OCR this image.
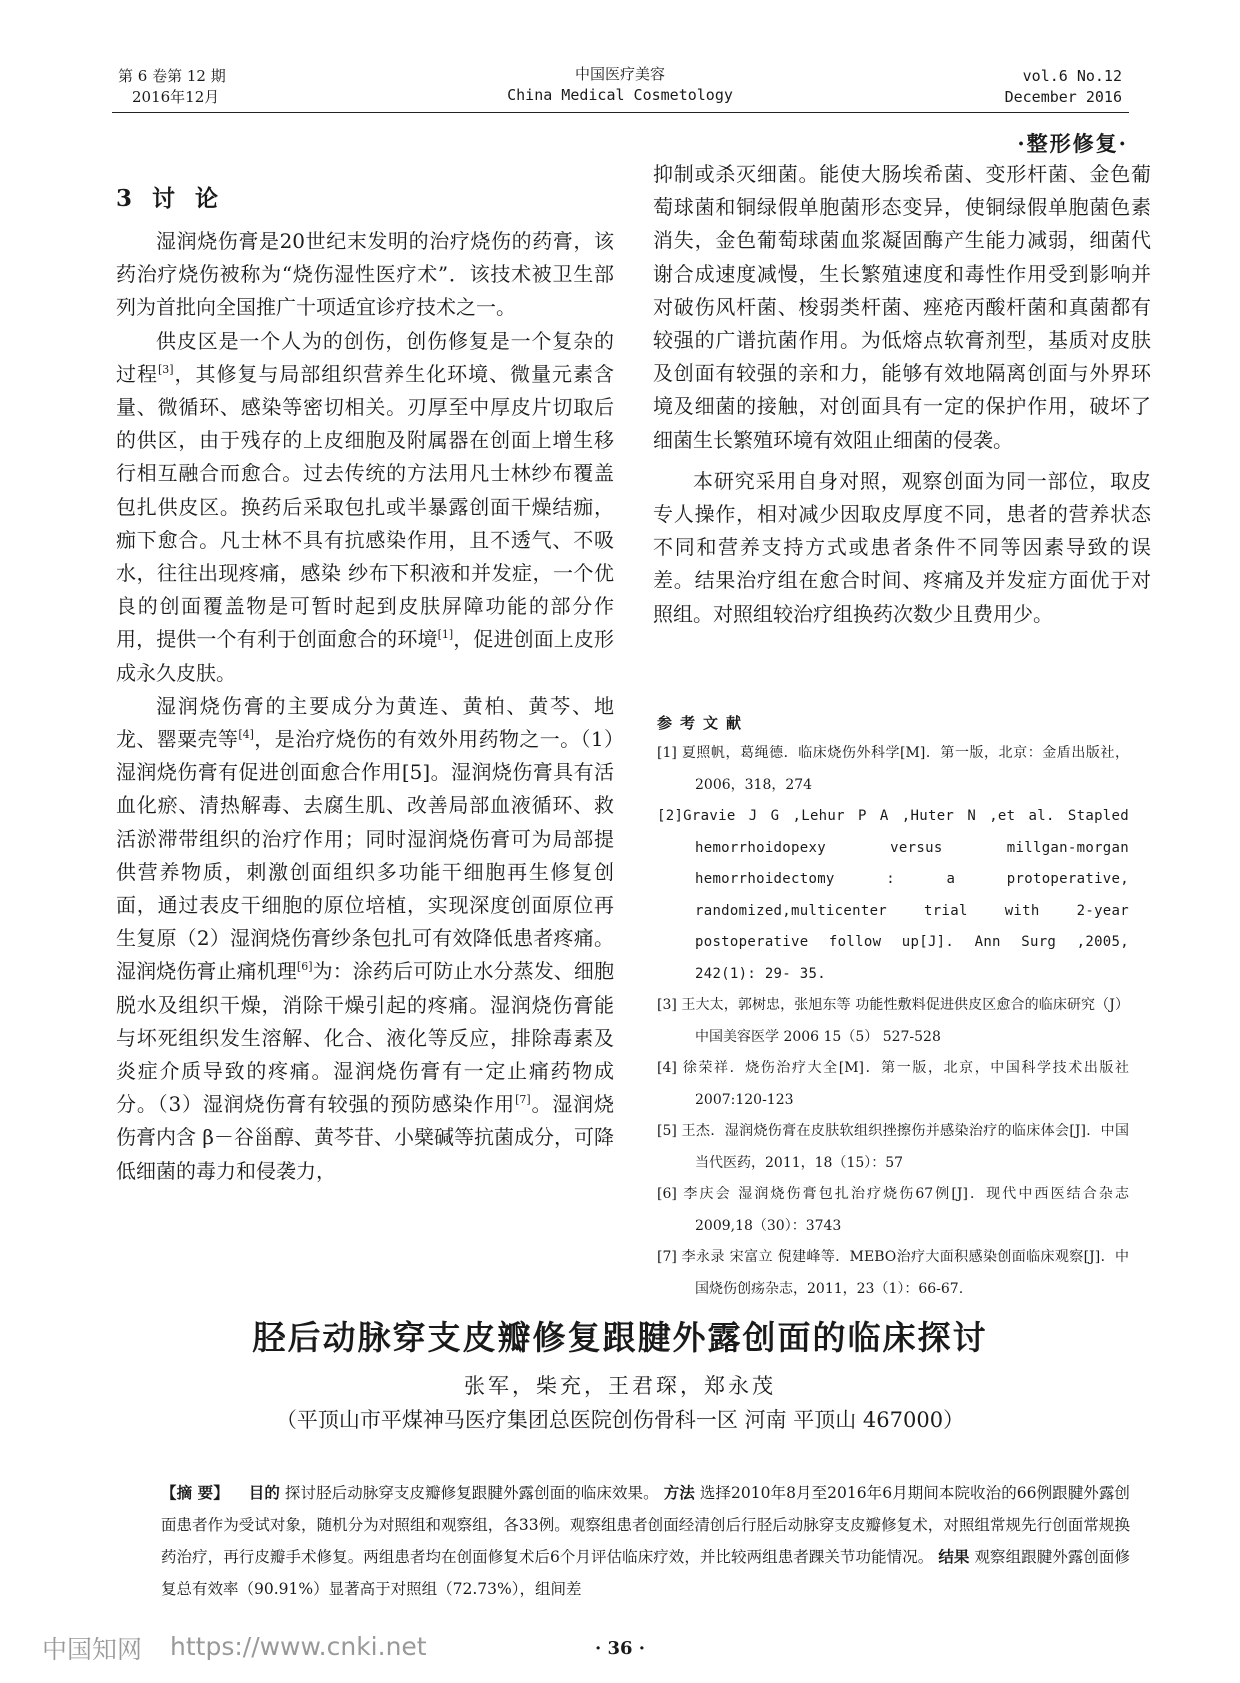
第 6 卷第 12 期
2016年12月
中国医疗美容
China Medical Cosmetology
vol.6 No.12
December 2016
·整形修复·
3 讨 论

湿润烧伤膏是20世纪末发明的治疗烧伤的药膏，该药治疗烧伤被称为“烧伤湿性医疗术”．该技术被卫生部列为首批向全国推广十项适宜诊疗技术之一。

供皮区是一个人为的创伤，创伤修复是一个复杂的过程[3]，其修复与局部组织营养生化环境、微量元素含量、微循环、感染等密切相关。刃厚至中厚皮片切取后的供区，由于残存的上皮细胞及附属器在创面上增生移行相互融合而愈合。过去传统的方法用凡士林纱布覆盖包扎供皮区。换药后采取包扎或半暴露创面干燥结痂，痂下愈合。凡士林不具有抗感染作用，且不透气、不吸水，往往出现疼痛，感染 纱布下积液和并发症，一个优良的创面覆盖物是可暂时起到皮肤屏障功能的部分作用，提供一个有利于创面愈合的环境[1]，促进创面上皮形成永久皮肤。

湿润烧伤膏的主要成分为黄连、黄柏、黄芩、地龙、罂粟壳等[4]，是治疗烧伤的有效外用药物之一。（1）湿润烧伤膏有促进创面愈合作用[5]。湿润烧伤膏具有活血化瘀、清热解毒、去腐生肌、改善局部血液循环、救活淤滞带组织的治疗作用；同时湿润烧伤膏可为局部提供营养物质，刺激创面组织多功能干细胞再生修复创面，通过表皮干细胞的原位培植，实现深度创面原位再生复原（2）湿润烧伤膏纱条包扎可有效降低患者疼痛。湿润烧伤膏止痛机理[6]为：涂药后可防止水分蒸发、细胞脱水及组织干燥，消除干燥引起的疼痛。湿润烧伤膏能与坏死组织发生溶解、化合、液化等反应，排除毒素及炎症介质导致的疼痛。湿润烧伤膏有一定止痛药物成分。（3）湿润烧伤膏有较强的预防感染作用[7]。湿润烧伤膏内含 β－谷甾醇、黄芩苷、小檗碱等抗菌成分，可降低细菌的毒力和侵袭力，

抑制或杀灭细菌。能使大肠埃希菌、变形杆菌、金色葡萄球菌和铜绿假单胞菌形态变异，使铜绿假单胞菌色素消失，金色葡萄球菌血浆凝固酶产生能力减弱，细菌代谢合成速度减慢，生长繁殖速度和毒性作用受到影响并对破伤风杆菌、梭弱类杆菌、痤疮丙酸杆菌和真菌都有较强的广谱抗菌作用。为低熔点软膏剂型，基质对皮肤及创面有较强的亲和力，能够有效地隔离创面与外界环境及细菌的接触，对创面具有一定的保护作用，破坏了细菌生长繁殖环境有效阻止细菌的侵袭。

本研究采用自身对照，观察创面为同一部位，取皮专人操作，相对减少因取皮厚度不同，患者的营养状态不同和营养支持方式或患者条件不同等因素导致的误差。结果治疗组在愈合时间、疼痛及并发症方面优于对照组。对照组较治疗组换药次数少且费用少。

参考文献
[1] 夏照帆，葛绳德．临床烧伤外科学[M]．第一版，北京：金盾出版社，2006，318，274
[2]Gravie J G ,Lehur P A ,Huter N ,et al. Stapled hemorrhoidopexy versus millgan-morgan hemorrhoidectomy : a protoperative, randomized,multicenter trial with 2-year postoperative follow up[J]. Ann Surg ,2005, 242(1): 29- 35.
[3] 王大太，郭树忠，张旭东等 功能性敷料促进供皮区愈合的临床研究（J） 中国美容医学 2006 15（5） 527-528
[4] 徐荣祥．烧伤治疗大全[M]．第一版，北京，中国科学技术出版社 2007:120-123
[5] 王杰．湿润烧伤膏在皮肤软组织挫擦伤并感染治疗的临床体会[J]．中国当代医药，2011，18（15）：57
[6] 李庆会 湿润烧伤膏包扎治疗烧伤67例[J]．现代中西医结合杂志 2009,18（30）：3743
[7] 李永录 宋富立 倪建峰等．MEBO治疗大面积感染创面临床观察[J]．中国烧伤创疡杂志，2011，23（1）：66-67.
胫后动脉穿支皮瓣修复跟腱外露创面的临床探讨
张军，柴充，王君琛，郑永茂
（平顶山市平煤神马医疗集团总医院创伤骨科一区 河南 平顶山 467000）
【摘 要】 目的 探讨胫后动脉穿支皮瓣修复跟腱外露创面的临床效果。 方法 选择2010年8月至2016年6月期间本院收治的66例跟腱外露创面患者作为受试对象，随机分为对照组和观察组，各33例。观察组患者创面经清创后行胫后动脉穿支皮瓣修复术，对照组常规先行创面常规换药治疗，再行皮瓣手术修复。两组患者均在创面修复术后6个月评估临床疗效，并比较两组患者踝关节功能情况。 结果 观察组跟腱外露创面修复总有效率（90.91%）显著高于对照组（72.73%），组间差
中国知网 https://www.cnki.net	· 36 ·
